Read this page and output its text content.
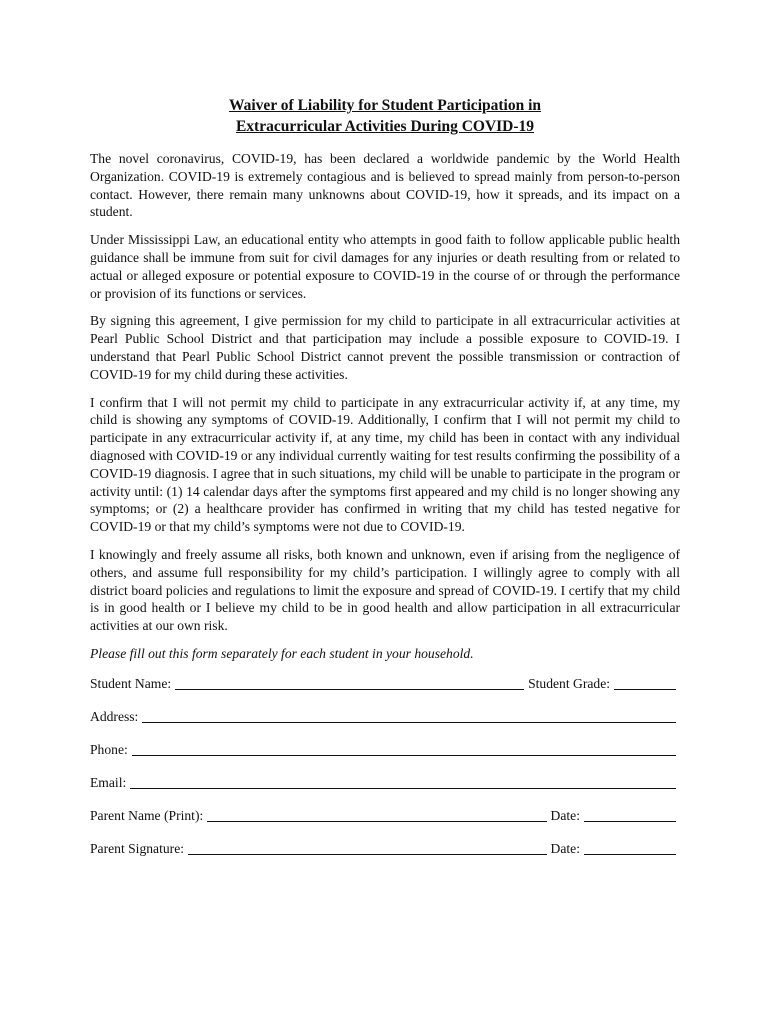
Waiver of Liability for Student Participation in
Extracurricular Activities During COVID-19

The novel coronavirus, COVID-19, has been declared a worldwide pandemic by the World Health Organization. COVID-19 is extremely contagious and is believed to spread mainly from person-to-person contact. However, there remain many unknowns about COVID-19, how it spreads, and its impact on a student.

Under Mississippi Law, an educational entity who attempts in good faith to follow applicable public health guidance shall be immune from suit for civil damages for any injuries or death resulting from or related to actual or alleged exposure or potential exposure to COVID-19 in the course of or through the performance or provision of its functions or services.

By signing this agreement, I give permission for my child to participate in all extracurricular activities at Pearl Public School District and that participation may include a possible exposure to COVID-19. I understand that Pearl Public School District cannot prevent the possible transmission or contraction of COVID-19 for my child during these activities.

I confirm that I will not permit my child to participate in any extracurricular activity if, at any time, my child is showing any symptoms of COVID-19. Additionally, I confirm that I will not permit my child to participate in any extracurricular activity if, at any time, my child has been in contact with any individual diagnosed with COVID-19 or any individual currently waiting for test results confirming the possibility of a COVID-19 diagnosis. I agree that in such situations, my child will be unable to participate in the program or activity until: (1) 14 calendar days after the symptoms first appeared and my child is no longer showing any symptoms; or (2) a healthcare provider has confirmed in writing that my child has tested negative for COVID-19 or that my child’s symptoms were not due to COVID-19.

I knowingly and freely assume all risks, both known and unknown, even if arising from the negligence of others, and assume full responsibility for my child’s participation. I willingly agree to comply with all district board policies and regulations to limit the exposure and spread of COVID-19. I certify that my child is in good health or I believe my child to be in good health and allow participation in all extracurricular activities at our own risk.

Please fill out this form separately for each student in your household.

Student Name:	Student Grade:
Address:
Phone:
Email:
Parent Name (Print):	Date:
Parent Signature:	Date:
